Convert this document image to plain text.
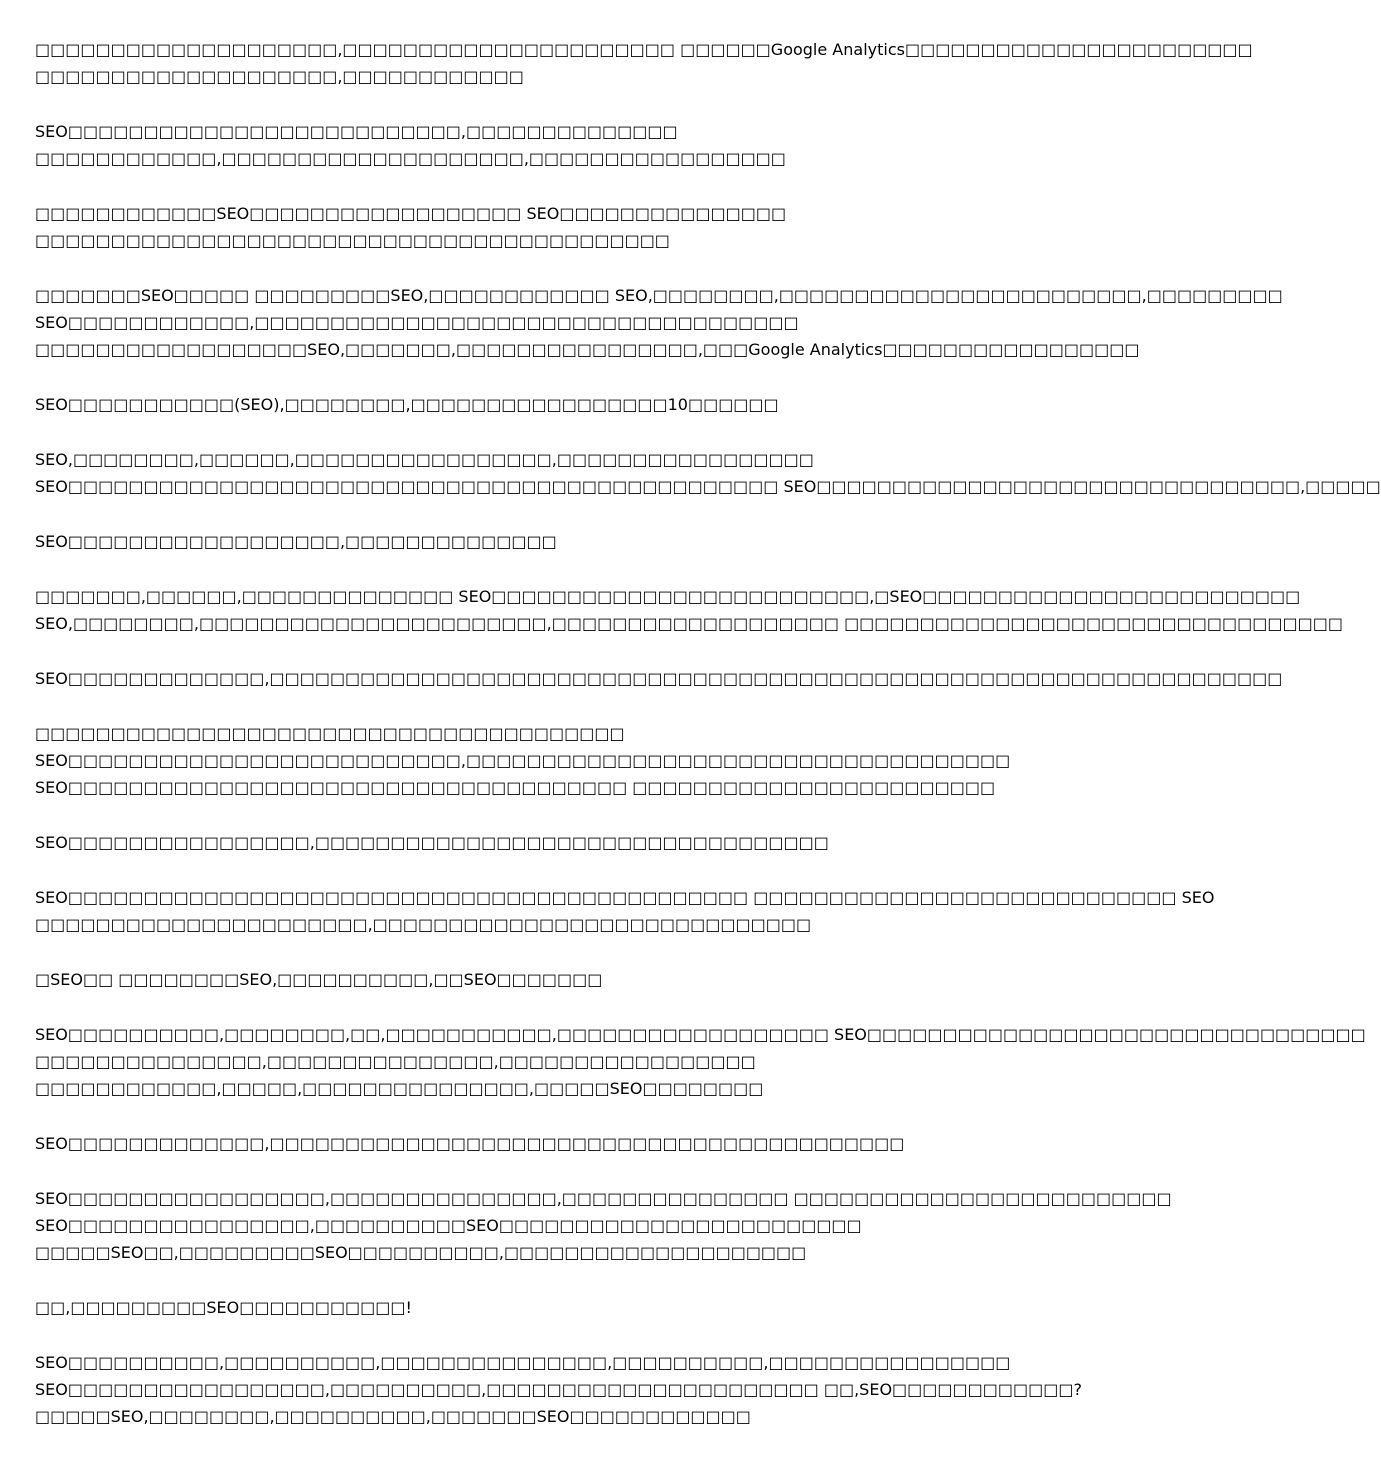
□□□□□□□□□□□□□□□□□□□□,□□□□□□□□□□□□□□□□□□□□□□ □□□□□□Google Analytics□□□□□□□□□□□□□□□□□□□□□□□
□□□□□□□□□□□□□□□□□□□□,□□□□□□□□□□□□
SEO□□□□□□□□□□□□□□□□□□□□□□□□□□,□□□□□□□□□□□□□□
□□□□□□□□□□□□,□□□□□□□□□□□□□□□□□□□□,□□□□□□□□□□□□□□□□□
□□□□□□□□□□□□SEO□□□□□□□□□□□□□□□□□□ SEO□□□□□□□□□□□□□□□
□□□□□□□□□□□□□□□□□□□□□□□□□□□□□□□□□□□□□□□□□□
□□□□□□□SEO□□□□□ □□□□□□□□□SEO,□□□□□□□□□□□□ SEO,□□□□□□□□,□□□□□□□□□□□□□□□□□□□□□□□□,□□□□□□□□□
SEO□□□□□□□□□□□□,□□□□□□□□□□□□□□□□□□□□□□□□□□□□□□□□□□□□
□□□□□□□□□□□□□□□□□□SEO,□□□□□□□,□□□□□□□□□□□□□□□□,□□□Google Analytics□□□□□□□□□□□□□□□□□
SEO□□□□□□□□□□□(SEO),□□□□□□□□,□□□□□□□□□□□□□□□□□10□□□□□□
SEO,□□□□□□□□,□□□□□□,□□□□□□□□□□□□□□□□□,□□□□□□□□□□□□□□□□□
SEO□□□□□□□□□□□□□□□□□□□□□□□□□□□□□□□□□□□□□□□□□□□□□□□ SEO□□□□□□□□□□□□□□□□□□□□□□□□□□□□□□□□,□□□□□
SEO□□□□□□□□□□□□□□□□□□,□□□□□□□□□□□□□□
□□□□□□□,□□□□□□,□□□□□□□□□□□□□□ SEO□□□□□□□□□□□□□□□□□□□□□□□□□,□SEO□□□□□□□□□□□□□□□□□□□□□□□□□
SEO,□□□□□□□□,□□□□□□□□□□□□□□□□□□□□□□□,□□□□□□□□□□□□□□□□□□□ □□□□□□□□□□□□□□□□□□□□□□□□□□□□□□□□□
SEO□□□□□□□□□□□□□,□□□□□□□□□□□□□□□□□□□□□□□□□□□□□□□□□□□□□□□□□□□□□□□□□□□□□□□□□□□□□□□□□□□
□□□□□□□□□□□□□□□□□□□□□□□□□□□□□□□□□□□□□□□
SEO□□□□□□□□□□□□□□□□□□□□□□□□□□,□□□□□□□□□□□□□□□□□□□□□□□□□□□□□□□□□□□□
SEO□□□□□□□□□□□□□□□□□□□□□□□□□□□□□□□□□□□□□ □□□□□□□□□□□□□□□□□□□□□□□□
SEO□□□□□□□□□□□□□□□□,□□□□□□□□□□□□□□□□□□□□□□□□□□□□□□□□□□
SEO□□□□□□□□□□□□□□□□□□□□□□□□□□□□□□□□□□□□□□□□□□□□□ □□□□□□□□□□□□□□□□□□□□□□□□□□□□ SEO
□□□□□□□□□□□□□□□□□□□□□□,□□□□□□□□□□□□□□□□□□□□□□□□□□□□□
□SEO□□ □□□□□□□□SEO,□□□□□□□□□□,□□SEO□□□□□□□
SEO□□□□□□□□□□,□□□□□□□□,□□,□□□□□□□□□□□,□□□□□□□□□□□□□□□□□□ SEO□□□□□□□□□□□□□□□□□□□□□□□□□□□□□□□□□
□□□□□□□□□□□□□□□,□□□□□□□□□□□□□□□,□□□□□□□□□□□□□□□□□
□□□□□□□□□□□□,□□□□□,□□□□□□□□□□□□□□□,□□□□□SEO□□□□□□□□
SEO□□□□□□□□□□□□□,□□□□□□□□□□□□□□□□□□□□□□□□□□□□□□□□□□□□□□□□□□
SEO□□□□□□□□□□□□□□□□□,□□□□□□□□□□□□□□□,□□□□□□□□□□□□□□□ □□□□□□□□□□□□□□□□□□□□□□□□□
SEO□□□□□□□□□□□□□□□□,□□□□□□□□□□SEO□□□□□□□□□□□□□□□□□□□□□□□□
□□□□□SEO□□,□□□□□□□□□SEO□□□□□□□□□□,□□□□□□□□□□□□□□□□□□□□
□□,□□□□□□□□□SEO□□□□□□□□□□□!
SEO□□□□□□□□□□,□□□□□□□□□□,□□□□□□□□□□□□□□□,□□□□□□□□□□,□□□□□□□□□□□□□□□□
SEO□□□□□□□□□□□□□□□□□,□□□□□□□□□□,□□□□□□□□□□□□□□□□□□□□□□ □□,SEO□□□□□□□□□□□□?
□□□□□SEO,□□□□□□□□,□□□□□□□□□□,□□□□□□□SEO□□□□□□□□□□□□
